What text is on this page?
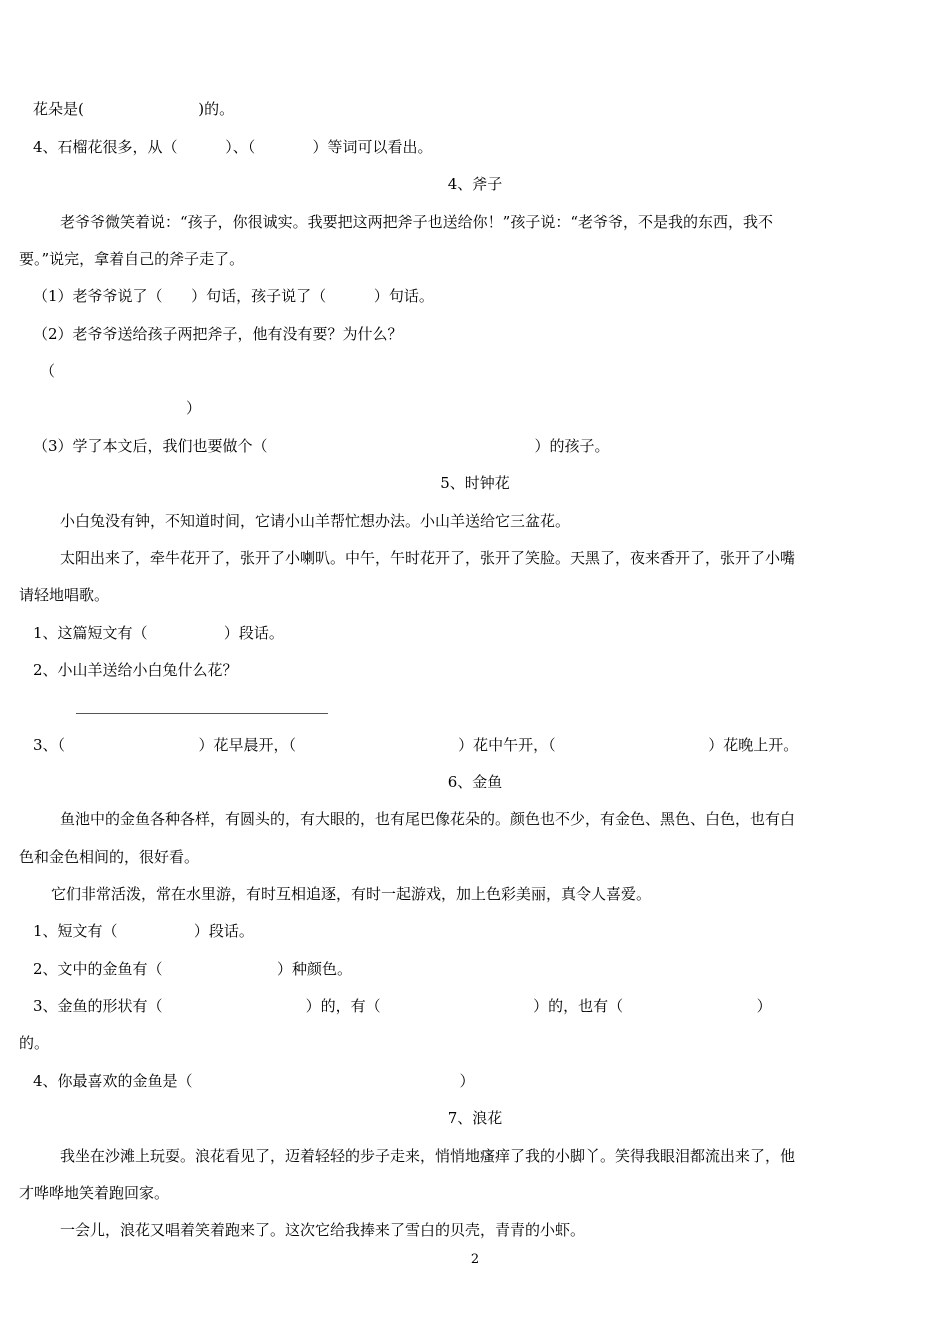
花朵是(                        )的。
4、石榴花很多，从（          ）、（            ）等词可以看出。
4、斧子
老爷爷微笑着说：“孩子，你很诚实。我要把这两把斧子也送给你！”孩子说：“老爷爷，不是我的东西，我不
要。”说完，拿着自己的斧子走了。
（1）老爷爷说了（      ）句话，孩子说了（          ）句话。
（2）老爷爷送给孩子两把斧子，他有没有要？为什么？
（
）
（3）学了本文后，我们也要做个（                                                        ）的孩子。
5、时钟花
小白兔没有钟，不知道时间，它请小山羊帮忙想办法。小山羊送给它三盆花。
太阳出来了，牵牛花开了，张开了小喇叭。中午，午时花开了，张开了笑脸。天黑了，夜来香开了，张开了小嘴
请轻地唱歌。
1、这篇短文有（                ）段话。
2、小山羊送给小白兔什么花？
3、（                            ）花早晨开，（                                  ）花中午开，（                                ）花晚上开。
6、金鱼
鱼池中的金鱼各种各样，有圆头的，有大眼的，也有尾巴像花朵的。颜色也不少，有金色、黑色、白色，也有白
色和金色相间的，很好看。
它们非常活泼，常在水里游，有时互相追逐，有时一起游戏，加上色彩美丽，真令人喜爱。
1、短文有（                ）段话。
2、文中的金鱼有（                        ）种颜色。
3、金鱼的形状有（                              ）的，有（                                ）的，也有（                            ）
的。
4、你最喜欢的金鱼是（                                                        ）
7、浪花
我坐在沙滩上玩耍。浪花看见了，迈着轻轻的步子走来，悄悄地瘙痒了我的小脚丫。笑得我眼泪都流出来了，他
才哗哗地笑着跑回家。
一会儿，浪花又唱着笑着跑来了。这次它给我捧来了雪白的贝壳，青青的小虾。
2
